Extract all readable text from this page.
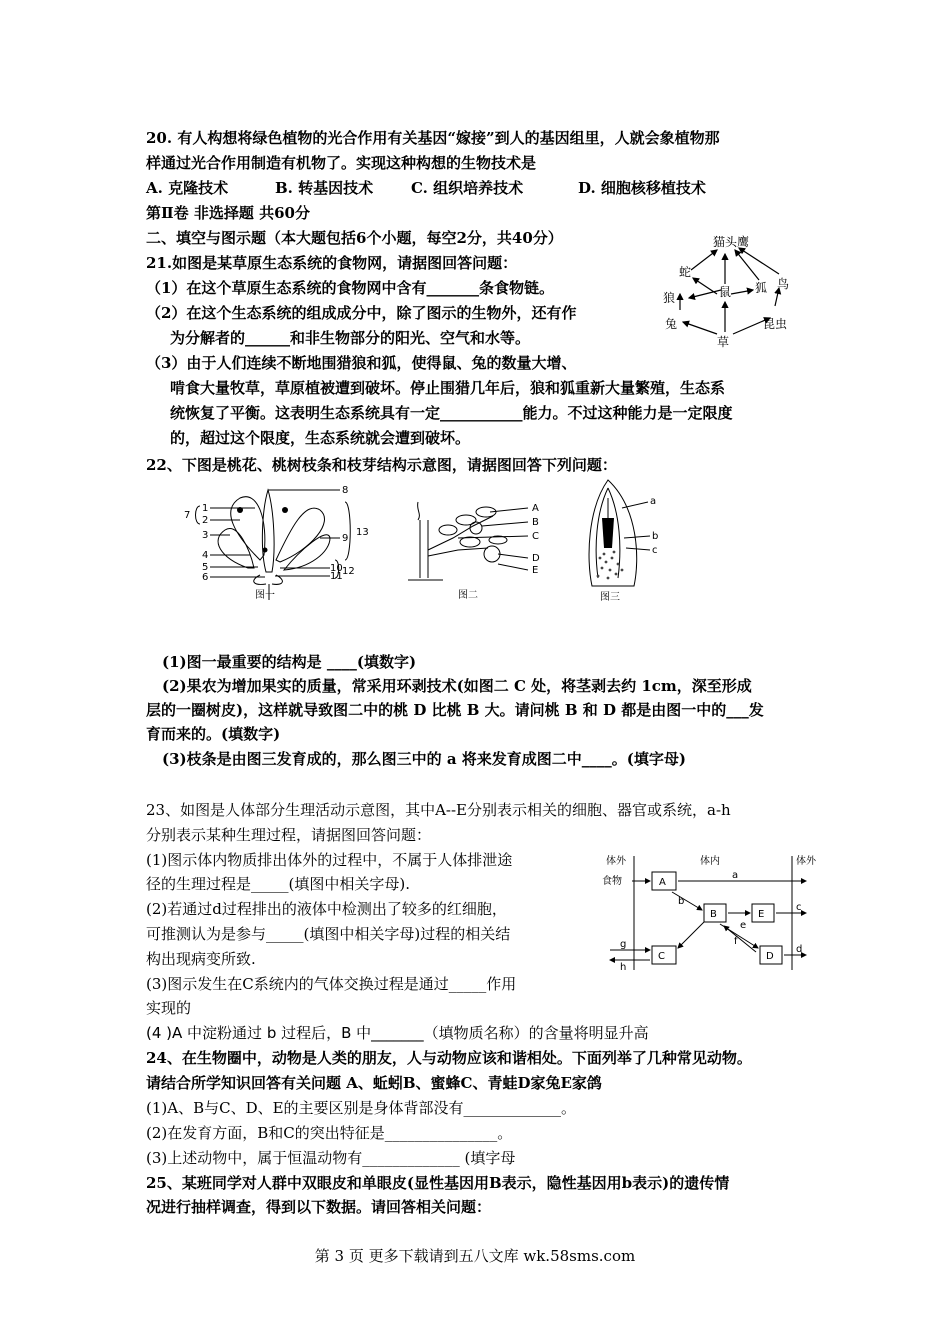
20. 有人构想将绿色植物的光合作用有关基因“嫁接”到人的基因组里，人就会象植物那
样通过光合作用制造有机物了。实现这种构想的生物技术是
A. 克隆技术	B. 转基因技术	C. 组织培养技术	D. 细胞核移植技术
第Ⅱ卷 非选择题 共60分
二、填空与图示题（本大题包括6个小题，每空2分，共40分）
21.如图是某草原生态系统的食物网，请据图回答问题：
（1）在这个草原生态系统的食物网中含有_______条食物链。
（2）在这个生态系统的组成成分中，除了图示的生物外，还有作
为分解者的______和非生物部分的阳光、空气和水等。
（3）由于人们连续不断地围猎狼和狐，使得鼠、兔的数量大增、
啃食大量牧草，草原植被遭到破坏。停止围猎几年后，狼和狐重新大量繁殖，生态系
统恢复了平衡。这表明生态系统具有一定___________能力。不过这种能力是一定限度
的，超过这个限度，生态系统就会遭到破坏。
猫头鹰
蛇
狐 鸟
狼	鼠
兔	昆虫
草
22、下图是桃花、桃树枝条和枝芽结构示意图，请据图回答下列问题：
1
2
3
4
5
6
7
8
9
10
11 12
13
图一
A
B
C
D
E
图二
a
b
c
图三
(1)图一最重要的结构是 ____(填数字)
(2)果农为增加果实的质量，常采用环剥技术(如图二 C 处，将茎剥去约 1cm，深至形成
层的一圈树皮)，这样就导致图二中的桃 D 比桃 B 大。请问桃 B 和 D 都是由图一中的___发
育而来的。(填数字)
(3)枝条是由图三发育成的，那么图三中的 a 将来发育成图二中____。(填字母)
23、如图是人体部分生理活动示意图，其中A--E分别表示相关的细胞、器官或系统，a-h
分别表示某种生理过程，请据图回答问题：
(1)图示体内物质排出体外的过程中，不属于人体排泄途
径的生理过程是_____(填图中相关字母).
(2)若通过d过程排出的液体中检测出了较多的红细胞，
可推测认为是参与_____(填图中相关字母)过程的相关结
构出现病变所致.
(3)图示发生在C系统内的气体交换过程是通过_____作用
实现的
(4 )A 中淀粉通过 b 过程后，B 中_______（填物质名称）的含量将明显升高
体外	体内	体外
食物	A
B
C	D
E
a
b
c
d
e
f
g
h
24、在生物圈中，动物是人类的朋友，人与动物应该和谐相处。下面列举了几种常见动物。
请结合所学知识回答有关问题 A、蚯蚓B、蜜蜂C、青蛙D家兔E家鸽
(1)A、B与C、D、E的主要区别是身体背部没有_____________。
(2)在发育方面，B和C的突出特征是_______________。
(3)上述动物中，属于恒温动物有_____________ (填字母
25、某班同学对人群中双眼皮和单眼皮(显性基因用B表示，隐性基因用b表示)的遗传情
况进行抽样调查，得到以下数据。请回答相关问题：
第 3 页 更多下载请到五八文库 wk.58sms.com
